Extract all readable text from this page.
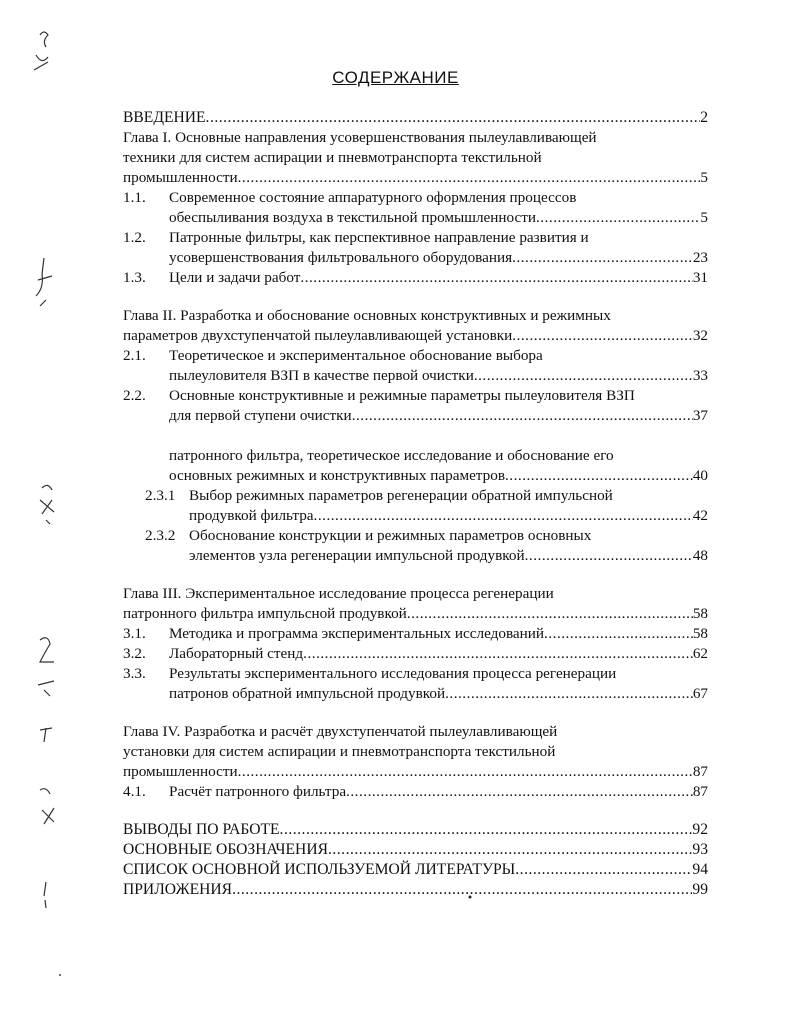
СОДЕРЖАНИЕ
ВВЕДЕНИЕ .....	2
Глава I. Основные направления усовершенствования пылеулавливающей
техники для систем аспирации и пневмотранспорта текстильной
промышленности .....	5
1.1. Современное состояние аппаратурного оформления процессов
обеспыливания воздуха в текстильной промышленности .....	5
1.2. Патронные фильтры, как перспективное направление развития и
усовершенствования фильтровального оборудования .....	23
1.3.	Цели и задачи работ .....	31
Глава II. Разработка и обоснование основных конструктивных и режимных
параметров двухступенчатой пылеулавливающей установки .....	32
2.1. Теоретическое и экспериментальное обоснование выбора
пылеуловителя ВЗП в качестве первой очистки .....	33
2.2. Основные конструктивные и режимные параметры пылеуловителя ВЗП
для первой ступени очистки .....	37
патронного фильтра, теоретическое исследование и обоснование его
основных режимных и конструктивных параметров .....	40
2.3.1 Выбор режимных параметров регенерации обратной импульсной
продувкой фильтра .....	42
2.3.2 Обоснование конструкции и режимных параметров основных
элементов узла регенерации импульсной продувкой .....	48
Глава III. Экспериментальное исследование процесса регенерации
патронного фильтра импульсной продувкой .....	58
3.1.	Методика и программа экспериментальных исследований .....	58
3.2.	Лабораторный стенд .....	62
3.3. Результаты экспериментального исследования процесса регенерации
патронов обратной импульсной продувкой .....	67
Глава IV. Разработка и расчёт двухступенчатой пылеулавливающей
установки для систем аспирации и пневмотранспорта текстильной
промышленности .....	87
4.1.	Расчёт патронного фильтра .....	87
ВЫВОДЫ ПО РАБОТЕ .....	92
ОСНОВНЫЕ ОБОЗНАЧЕНИЯ .....	93
СПИСОК ОСНОВНОЙ ИСПОЛЬЗУЕМОЙ ЛИТЕРАТУРЫ .....	94
ПРИЛОЖЕНИЯ .....	99
